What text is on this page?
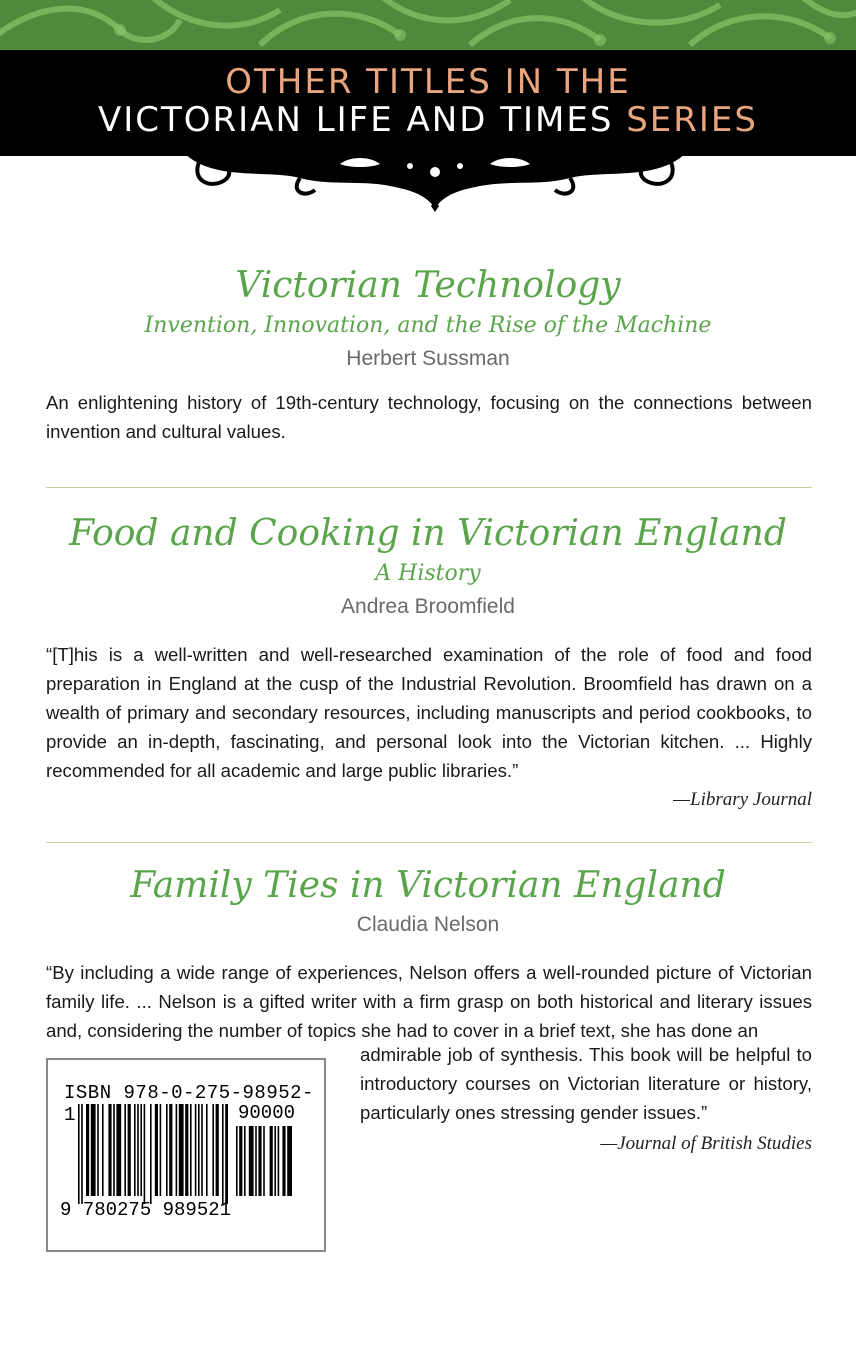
OTHER TITLES IN THE
VICTORIAN LIFE AND TIMES SERIES
Victorian Technology
Invention, Innovation, and the Rise of the Machine
Herbert Sussman
An enlightening history of 19th-century technology, focusing on the connections between invention and cultural values.
Food and Cooking in Victorian England
A History
Andrea Broomfield
“[T]his is a well-written and well-researched examination of the role of food and food preparation in England at the cusp of the Industrial Revolution. Broomfield has drawn on a wealth of primary and secondary resources, including manuscripts and period cookbooks, to provide an in-depth, fascinating, and personal look into the Victorian kitchen. ... Highly recommended for all academic and large public libraries.”
—Library Journal
Family Ties in Victorian England
Claudia Nelson
“By including a wide range of experiences, Nelson offers a well-rounded picture of Victorian family life. ... Nelson is a gifted writer with a firm grasp on both historical and literary issues and, considering the number of topics she had to cover in a brief text, she has done an
admirable job of synthesis. This book will be helpful to introductory courses on Victorian literature or history, particularly ones stressing gender issues.”
—Journal of British Studies
ISBN 978-0-275-98952-1	90000
9 780275 989521
